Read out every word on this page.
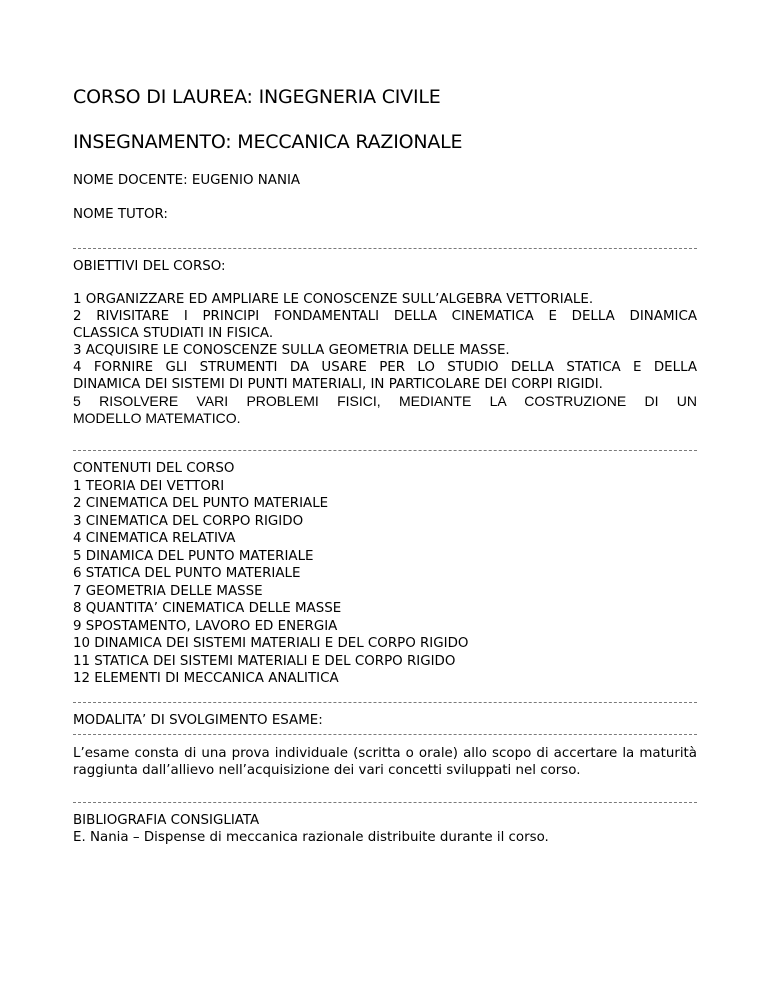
CORSO DI LAUREA: INGEGNERIA CIVILE
INSEGNAMENTO: MECCANICA RAZIONALE
NOME DOCENTE: EUGENIO NANIA
NOME TUTOR:
OBIETTIVI DEL CORSO:
1 ORGANIZZARE ED AMPLIARE LE CONOSCENZE SULL’ALGEBRA VETTORIALE.
2 RIVISITARE I PRINCIPI FONDAMENTALI DELLA CINEMATICA E DELLA DINAMICA
CLASSICA STUDIATI IN FISICA.
3 ACQUISIRE LE CONOSCENZE SULLA GEOMETRIA DELLE MASSE.
4 FORNIRE GLI STRUMENTI DA USARE PER LO STUDIO DELLA STATICA E DELLA
DINAMICA DEI SISTEMI DI PUNTI MATERIALI, IN PARTICOLARE DEI CORPI RIGIDI.
5 RISOLVERE VARI PROBLEMI FISICI, MEDIANTE LA COSTRUZIONE DI UN
MODELLO MATEMATICO.
CONTENUTI DEL CORSO
1 TEORIA DEI VETTORI
2 CINEMATICA DEL PUNTO MATERIALE
3 CINEMATICA DEL CORPO RIGIDO
4 CINEMATICA RELATIVA
5 DINAMICA DEL PUNTO MATERIALE
6 STATICA DEL PUNTO MATERIALE
7 GEOMETRIA DELLE MASSE
8 QUANTITA’ CINEMATICA DELLE MASSE
9 SPOSTAMENTO, LAVORO ED ENERGIA
10 DINAMICA DEI SISTEMI MATERIALI E DEL CORPO RIGIDO
11 STATICA DEI SISTEMI MATERIALI E DEL CORPO RIGIDO
12 ELEMENTI DI MECCANICA ANALITICA
MODALITA’ DI SVOLGIMENTO ESAME:
L’esame consta di una prova individuale (scritta o orale) allo scopo di accertare la maturità
raggiunta dall’allievo nell’acquisizione dei vari concetti sviluppati nel corso.
BIBLIOGRAFIA CONSIGLIATA
E. Nania – Dispense di meccanica razionale distribuite durante il corso.
